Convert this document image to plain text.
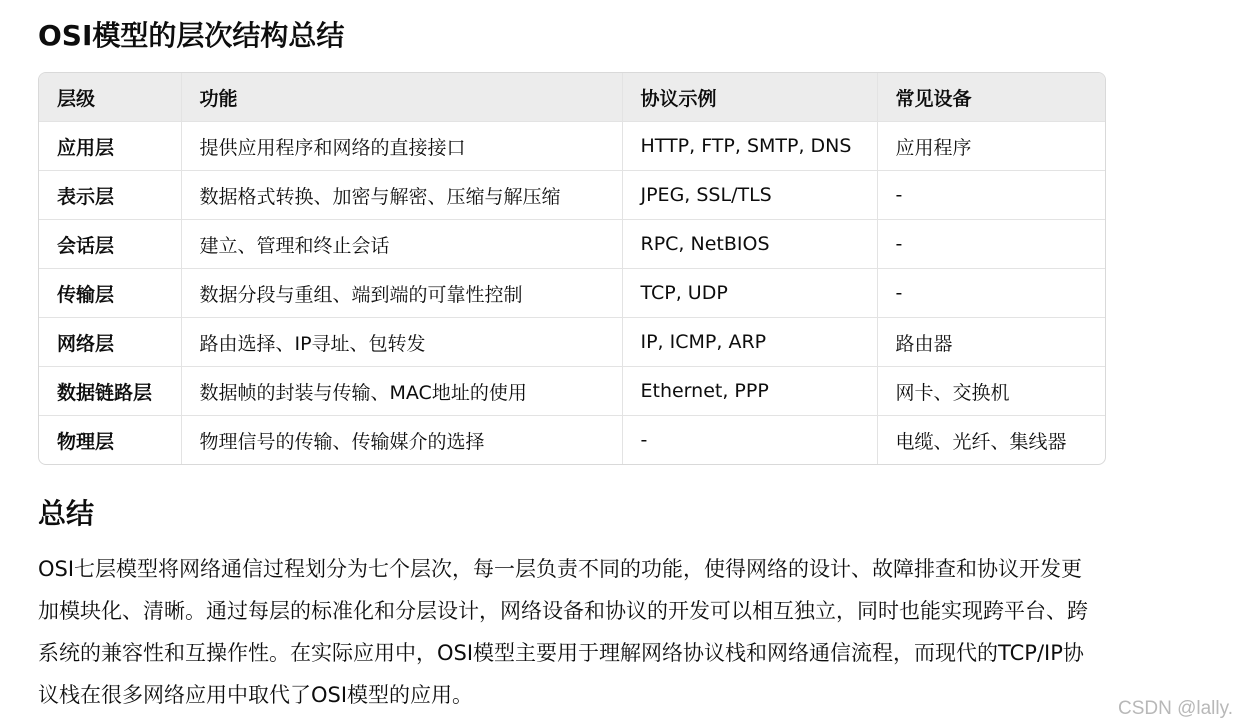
OSI模型的层次结构总结
层级	功能	协议示例	常见设备
应用层	提供应用程序和网络的直接接口	HTTP, FTP, SMTP, DNS	应用程序
表示层	数据格式转换、加密与解密、压缩与解压缩	JPEG, SSL/TLS	-
会话层	建立、管理和终止会话	RPC, NetBIOS	-
传输层	数据分段与重组、端到端的可靠性控制	TCP, UDP	-
网络层	路由选择、IP寻址、包转发	IP, ICMP, ARP	路由器
数据链路层	数据帧的封装与传输、MAC地址的使用	Ethernet, PPP	网卡、交换机
物理层	物理信号的传输、传输媒介的选择	-	电缆、光纤、集线器
总结

OSI七层模型将网络通信过程划分为七个层次，每一层负责不同的功能，使得网络的设计、故障排查和协议开发更加模块化、清晰。通过每层的标准化和分层设计，网络设备和协议的开发可以相互独立，同时也能实现跨平台、跨系统的兼容性和互操作性。在实际应用中，OSI模型主要用于理解网络协议栈和网络通信流程，而现代的TCP/IP协议栈在很多网络应用中取代了OSI模型的应用。

CSDN @lally.
